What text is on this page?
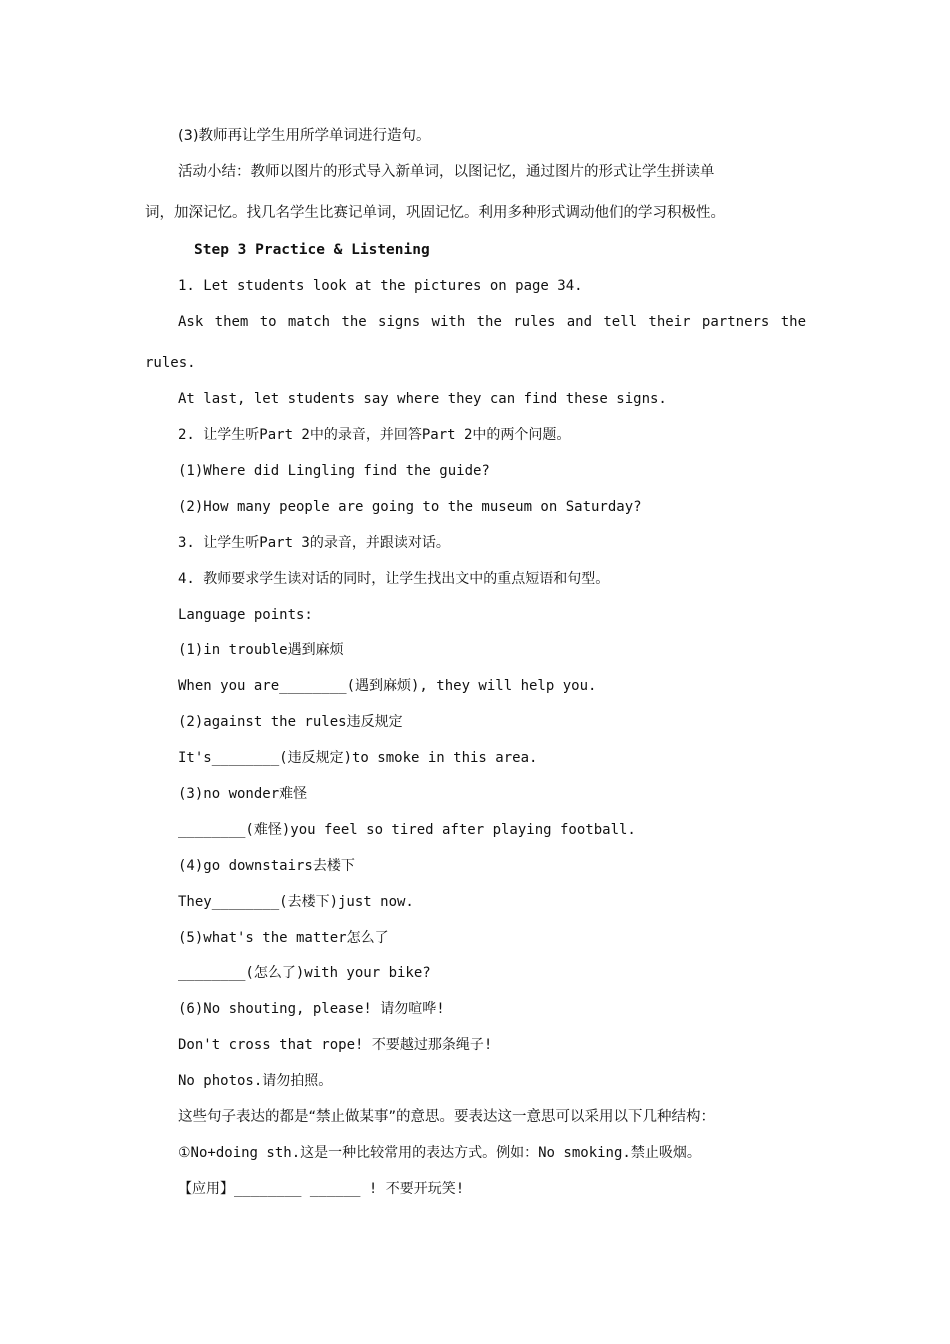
(3)教师再让学生用所学单词进行造句。
活动小结：教师以图片的形式导入新单词，以图记忆，通过图片的形式让学生拼读单
词，加深记忆。找几名学生比赛记单词，巩固记忆。利用多种形式调动他们的学习积极性。
Step 3 Practice & Listening
1. Let students look at the pictures on page 34.
Ask them to match the signs with the rules and tell their partners the
rules.
At last, let students say where they can find these signs.
2. 让学生听Part 2中的录音，并回答Part 2中的两个问题。
(1)Where did Lingling find the guide?
(2)How many people are going to the museum on Saturday?
3. 让学生听Part 3的录音，并跟读对话。
4. 教师要求学生读对话的同时，让学生找出文中的重点短语和句型。
Language points:
(1)in trouble遇到麻烦
When you are________(遇到麻烦), they will help you.
(2)against the rules违反规定
It's________(违反规定)to smoke in this area.
(3)no wonder难怪
________(难怪)you feel so tired after playing football.
(4)go downstairs去楼下
They________(去楼下)just now.
(5)what's the matter怎么了
________(怎么了)with your bike?
(6)No shouting, please! 请勿喧哗!
Don't cross that rope! 不要越过那条绳子!
No photos.请勿拍照。
这些句子表达的都是“禁止做某事”的意思。要表达这一意思可以采用以下几种结构：
①No+doing sth.这是一种比较常用的表达方式。例如：No smoking.禁止吸烟。
【应用】________ ______ ! 不要开玩笑!
